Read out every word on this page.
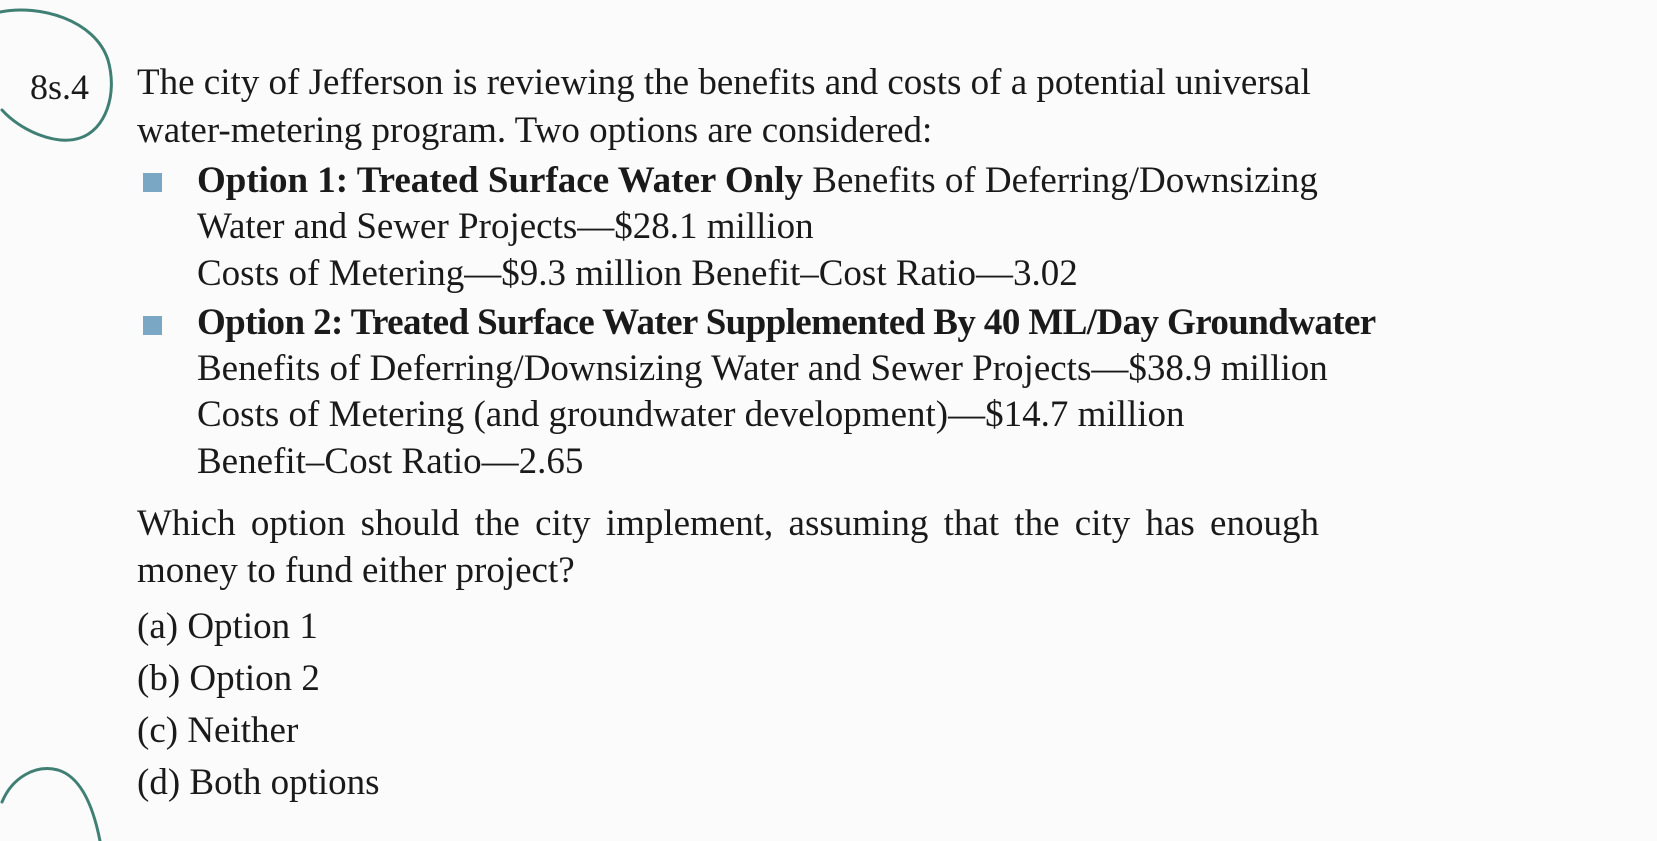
8s.4 The city of Jefferson is reviewing the benefits and costs of a potential universal
water-metering program. Two options are considered:
Option 1: Treated Surface Water Only Benefits of Deferring/Downsizing
Water and Sewer Projects—$28.1 million
Costs of Metering—$9.3 million Benefit–Cost Ratio—3.02
Option 2: Treated Surface Water Supplemented By 40 ML/Day Groundwater
Benefits of Deferring/Downsizing Water and Sewer Projects—$38.9 million
Costs of Metering (and groundwater development)—$14.7 million
Benefit–Cost Ratio—2.65
Which option should the city implement, assuming that the city has enough
money to fund either project?
(a) Option 1
(b) Option 2
(c) Neither
(d) Both options
